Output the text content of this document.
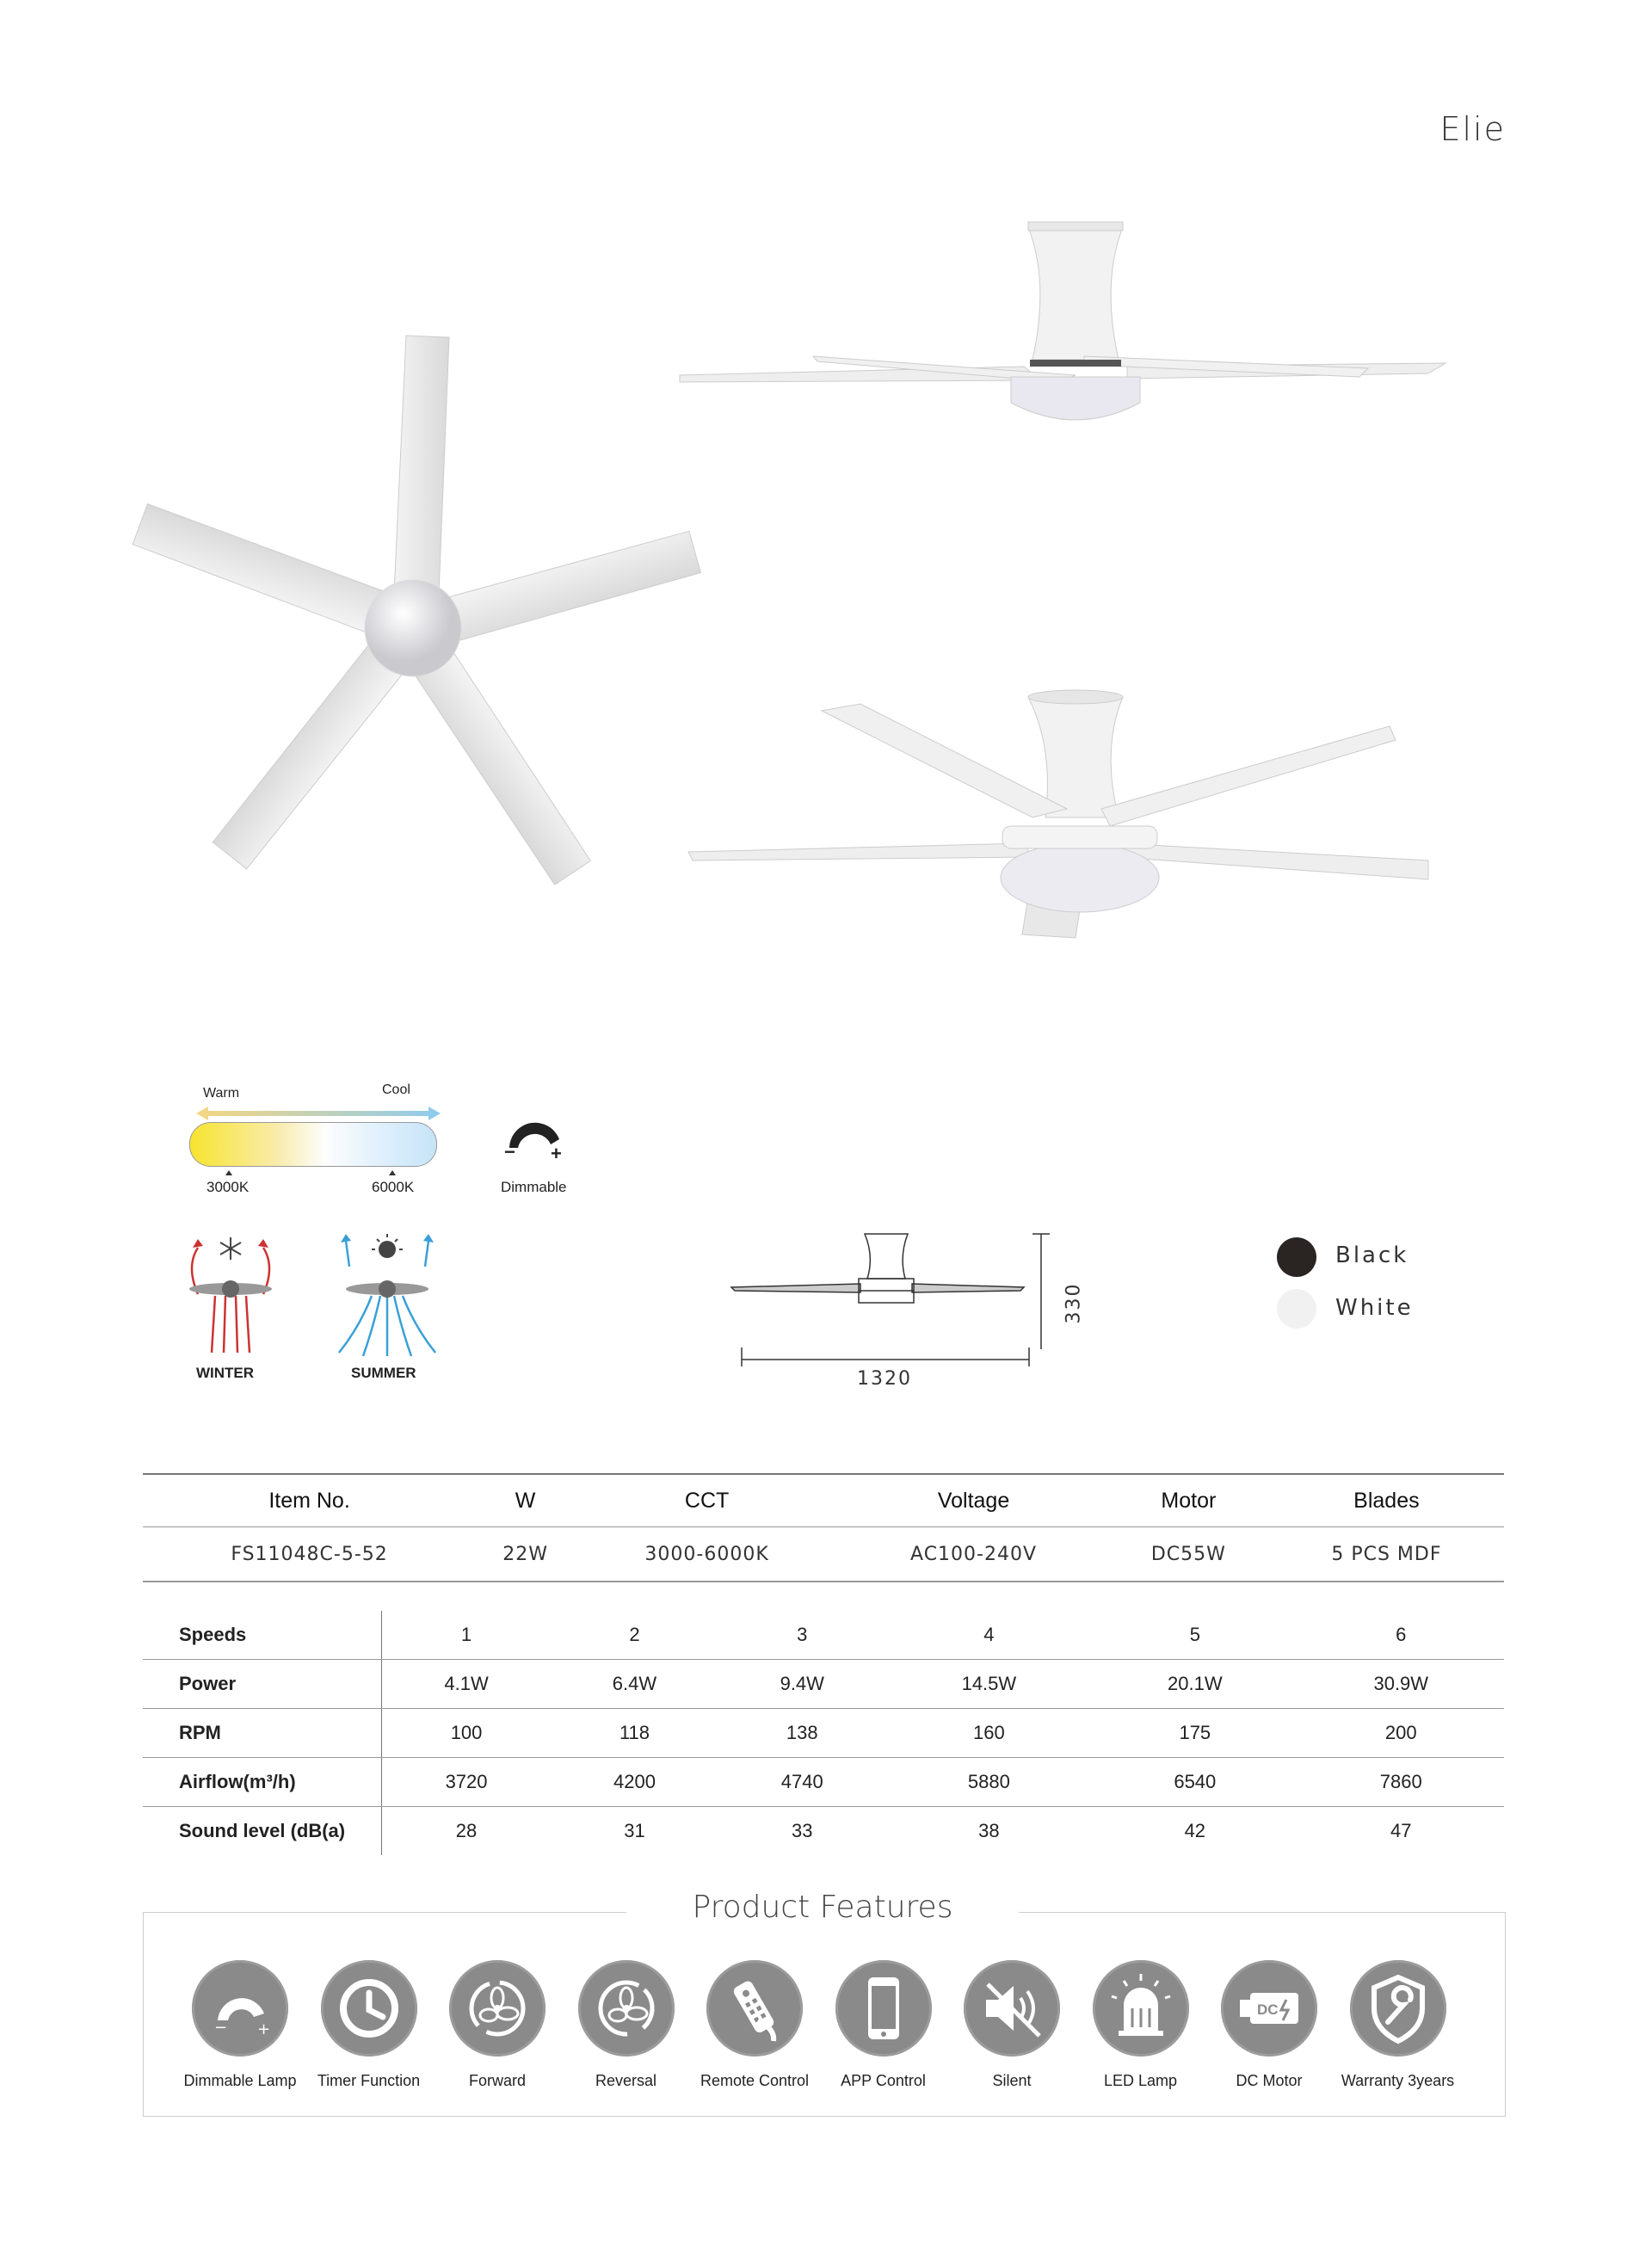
Elie
Warm	Cool
3000K	6000K
− +
Dimmable
WINTER	SUMMER
330
1320
Black
White
Item No.	W	CCT	Voltage	Motor	Blades
FS11048C-5-52	22W	3000-6000K	AC100-240V	DC55W	5 PCS MDF
Speeds	1	2	3	4	5	6
Power	4.1W	6.4W	9.4W	14.5W	20.1W	30.9W
RPM	100	118	138	160	175	200
Airflow(m³/h)	3720	4200	4740	5880	6540	7860
Sound level (dB(a)	28	31	33	38	42	47
Product Features
− +
Dimmable Lamp	Timer Function	Forward	Reversal	Remote Control	APP Control	Silent	LED Lamp
DC
DC Motor	Warranty 3years
